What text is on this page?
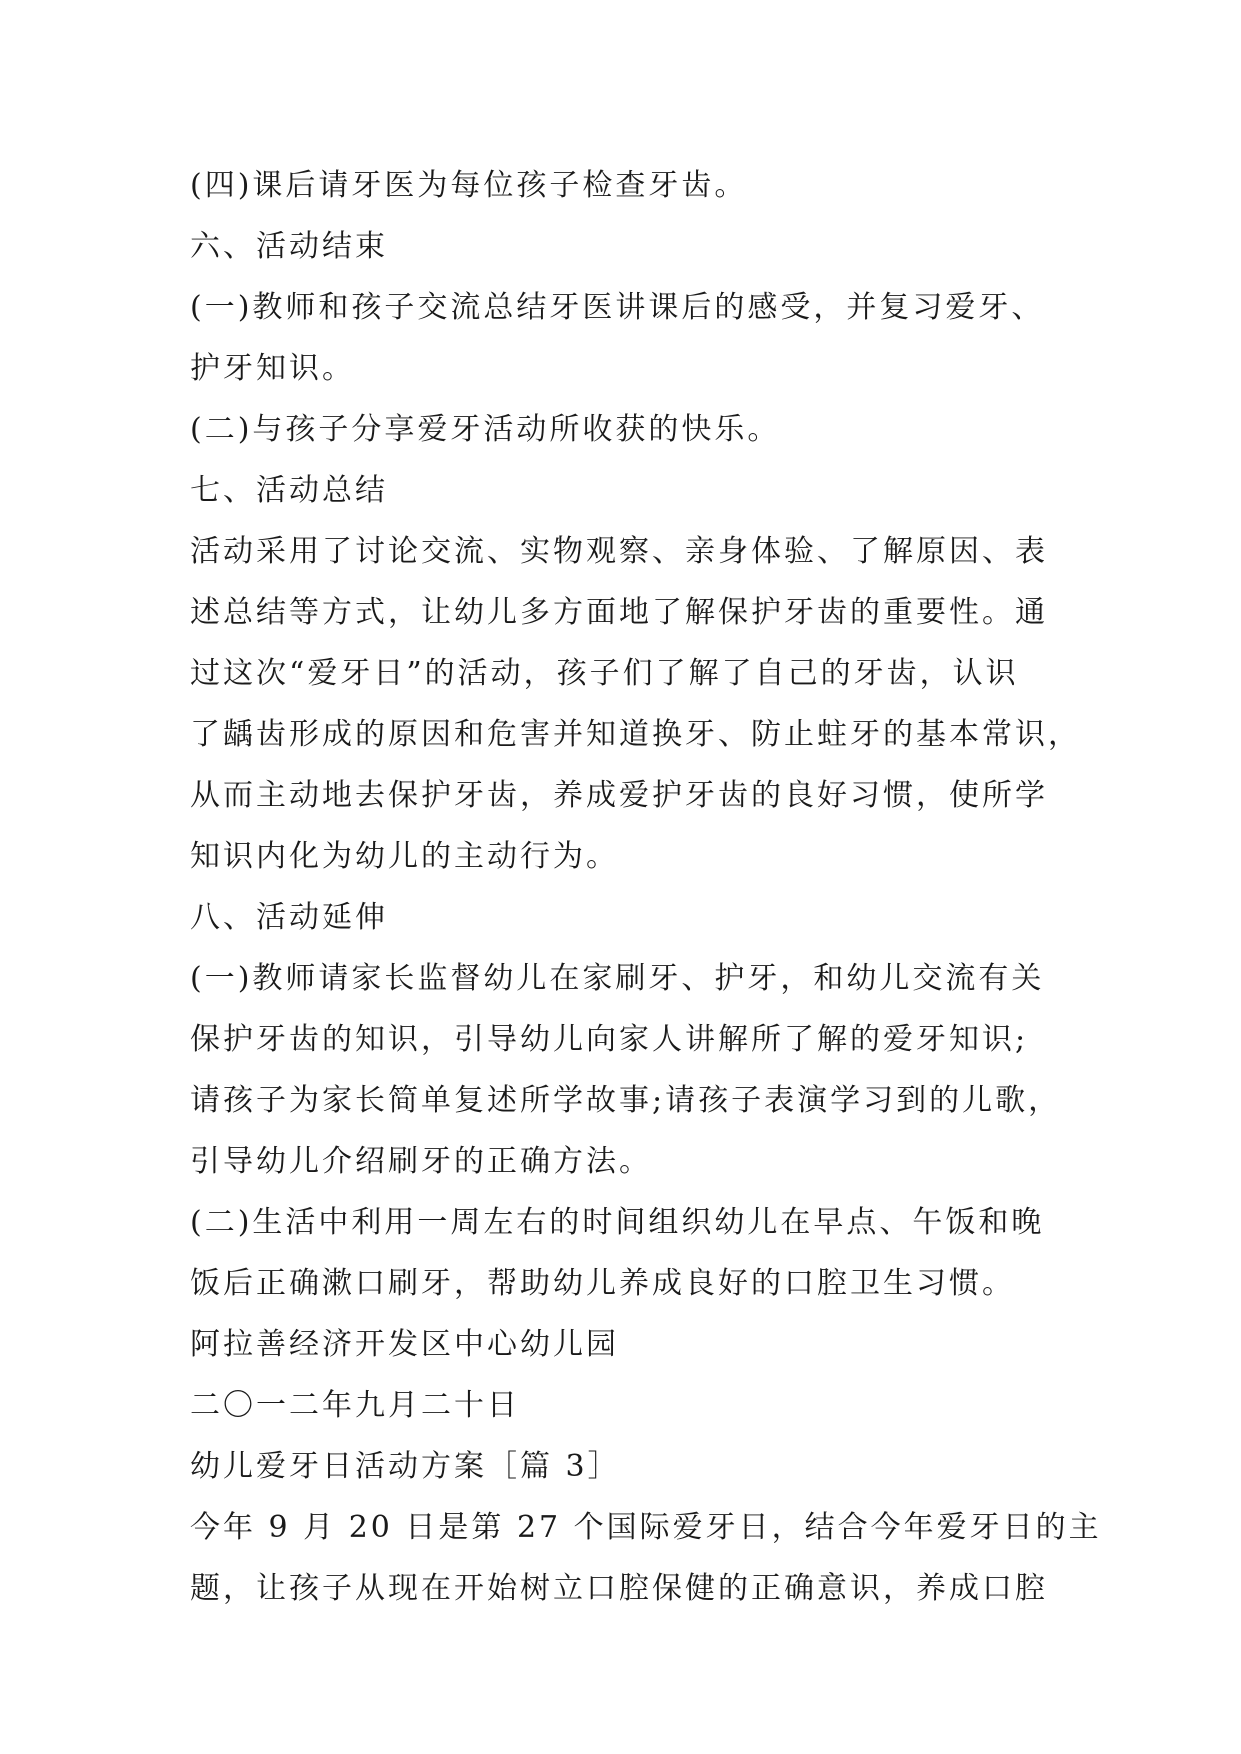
(四)课后请牙医为每位孩子检查牙齿。
六、活动结束
(一)教师和孩子交流总结牙医讲课后的感受，并复习爱牙、
护牙知识。
(二)与孩子分享爱牙活动所收获的快乐。
七、活动总结
活动采用了讨论交流、实物观察、亲身体验、了解原因、表
述总结等方式，让幼儿多方面地了解保护牙齿的重要性。通
过这次“爱牙日”的活动，孩子们了解了自己的牙齿，认识
了龋齿形成的原因和危害并知道换牙、防止蛀牙的基本常识，
从而主动地去保护牙齿，养成爱护牙齿的良好习惯，使所学
知识内化为幼儿的主动行为。
八、活动延伸
(一)教师请家长监督幼儿在家刷牙、护牙，和幼儿交流有关
保护牙齿的知识，引导幼儿向家人讲解所了解的爱牙知识;
请孩子为家长简单复述所学故事;请孩子表演学习到的儿歌，
引导幼儿介绍刷牙的正确方法。
(二)生活中利用一周左右的时间组织幼儿在早点、午饭和晚
饭后正确漱口刷牙，帮助幼儿养成良好的口腔卫生习惯。
阿拉善经济开发区中心幼儿园
二〇一二年九月二十日
幼儿爱牙日活动方案［篇 3］
今年 9 月 20 日是第 27 个国际爱牙日，结合今年爱牙日的主
题，让孩子从现在开始树立口腔保健的正确意识，养成口腔
